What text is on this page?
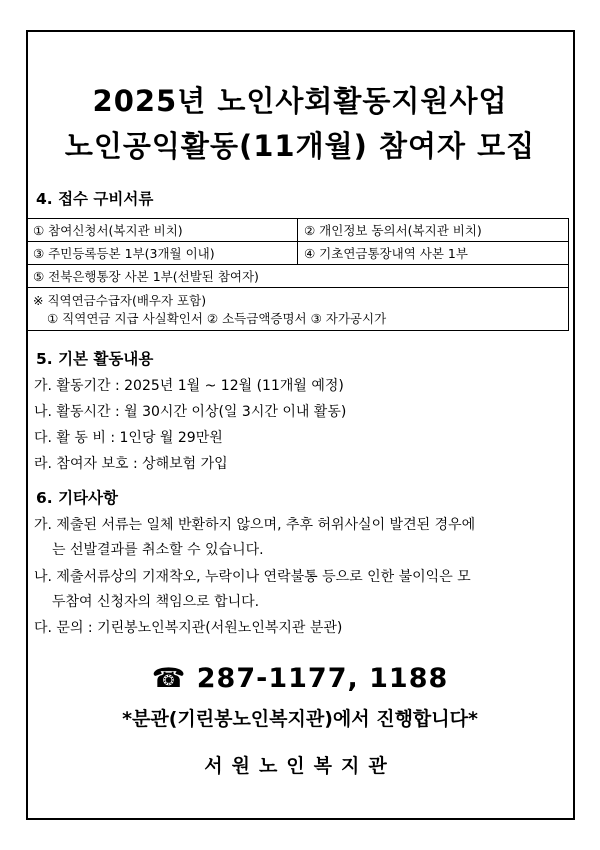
2025년 노인사회활동지원사업
노인공익활동(11개월) 참여자 모집
4. 접수 구비서류
① 참여신청서(복지관 비치)	② 개인정보 동의서(복지관 비치)
③ 주민등록등본 1부(3개월 이내)	④ 기초연금통장내역 사본 1부
⑤ 전북은행통장 사본 1부(선발된 참여자)	

※ 직역연금수급자(배우자 포함)
① 직역연금 지급 사실확인서 ② 소득금액증명서 ③ 자가공시가	
5. 기본 활동내용
가. 활동기간 : 2025년 1월 ~ 12월 (11개월 예정)
나. 활동시간 : 월 30시간 이상(일 3시간 이내 활동)
다. 활 동 비 : 1인당 월 29만원
라. 참여자 보호 : 상해보험 가입
6. 기타사항
가. 제출된 서류는 일체 반환하지 않으며, 추후 허위사실이 발견된 경우에
는 선발결과를 취소할 수 있습니다.
나. 제출서류상의 기재착오, 누락이나 연락불통 등으로 인한 불이익은 모
두참여 신청자의 책임으로 합니다.
다. 문의 : 기린봉노인복지관(서원노인복지관 분관)
☎ 287-1177, 1188
*분관(기린봉노인복지관)에서 진행합니다*
서원노인복지관
